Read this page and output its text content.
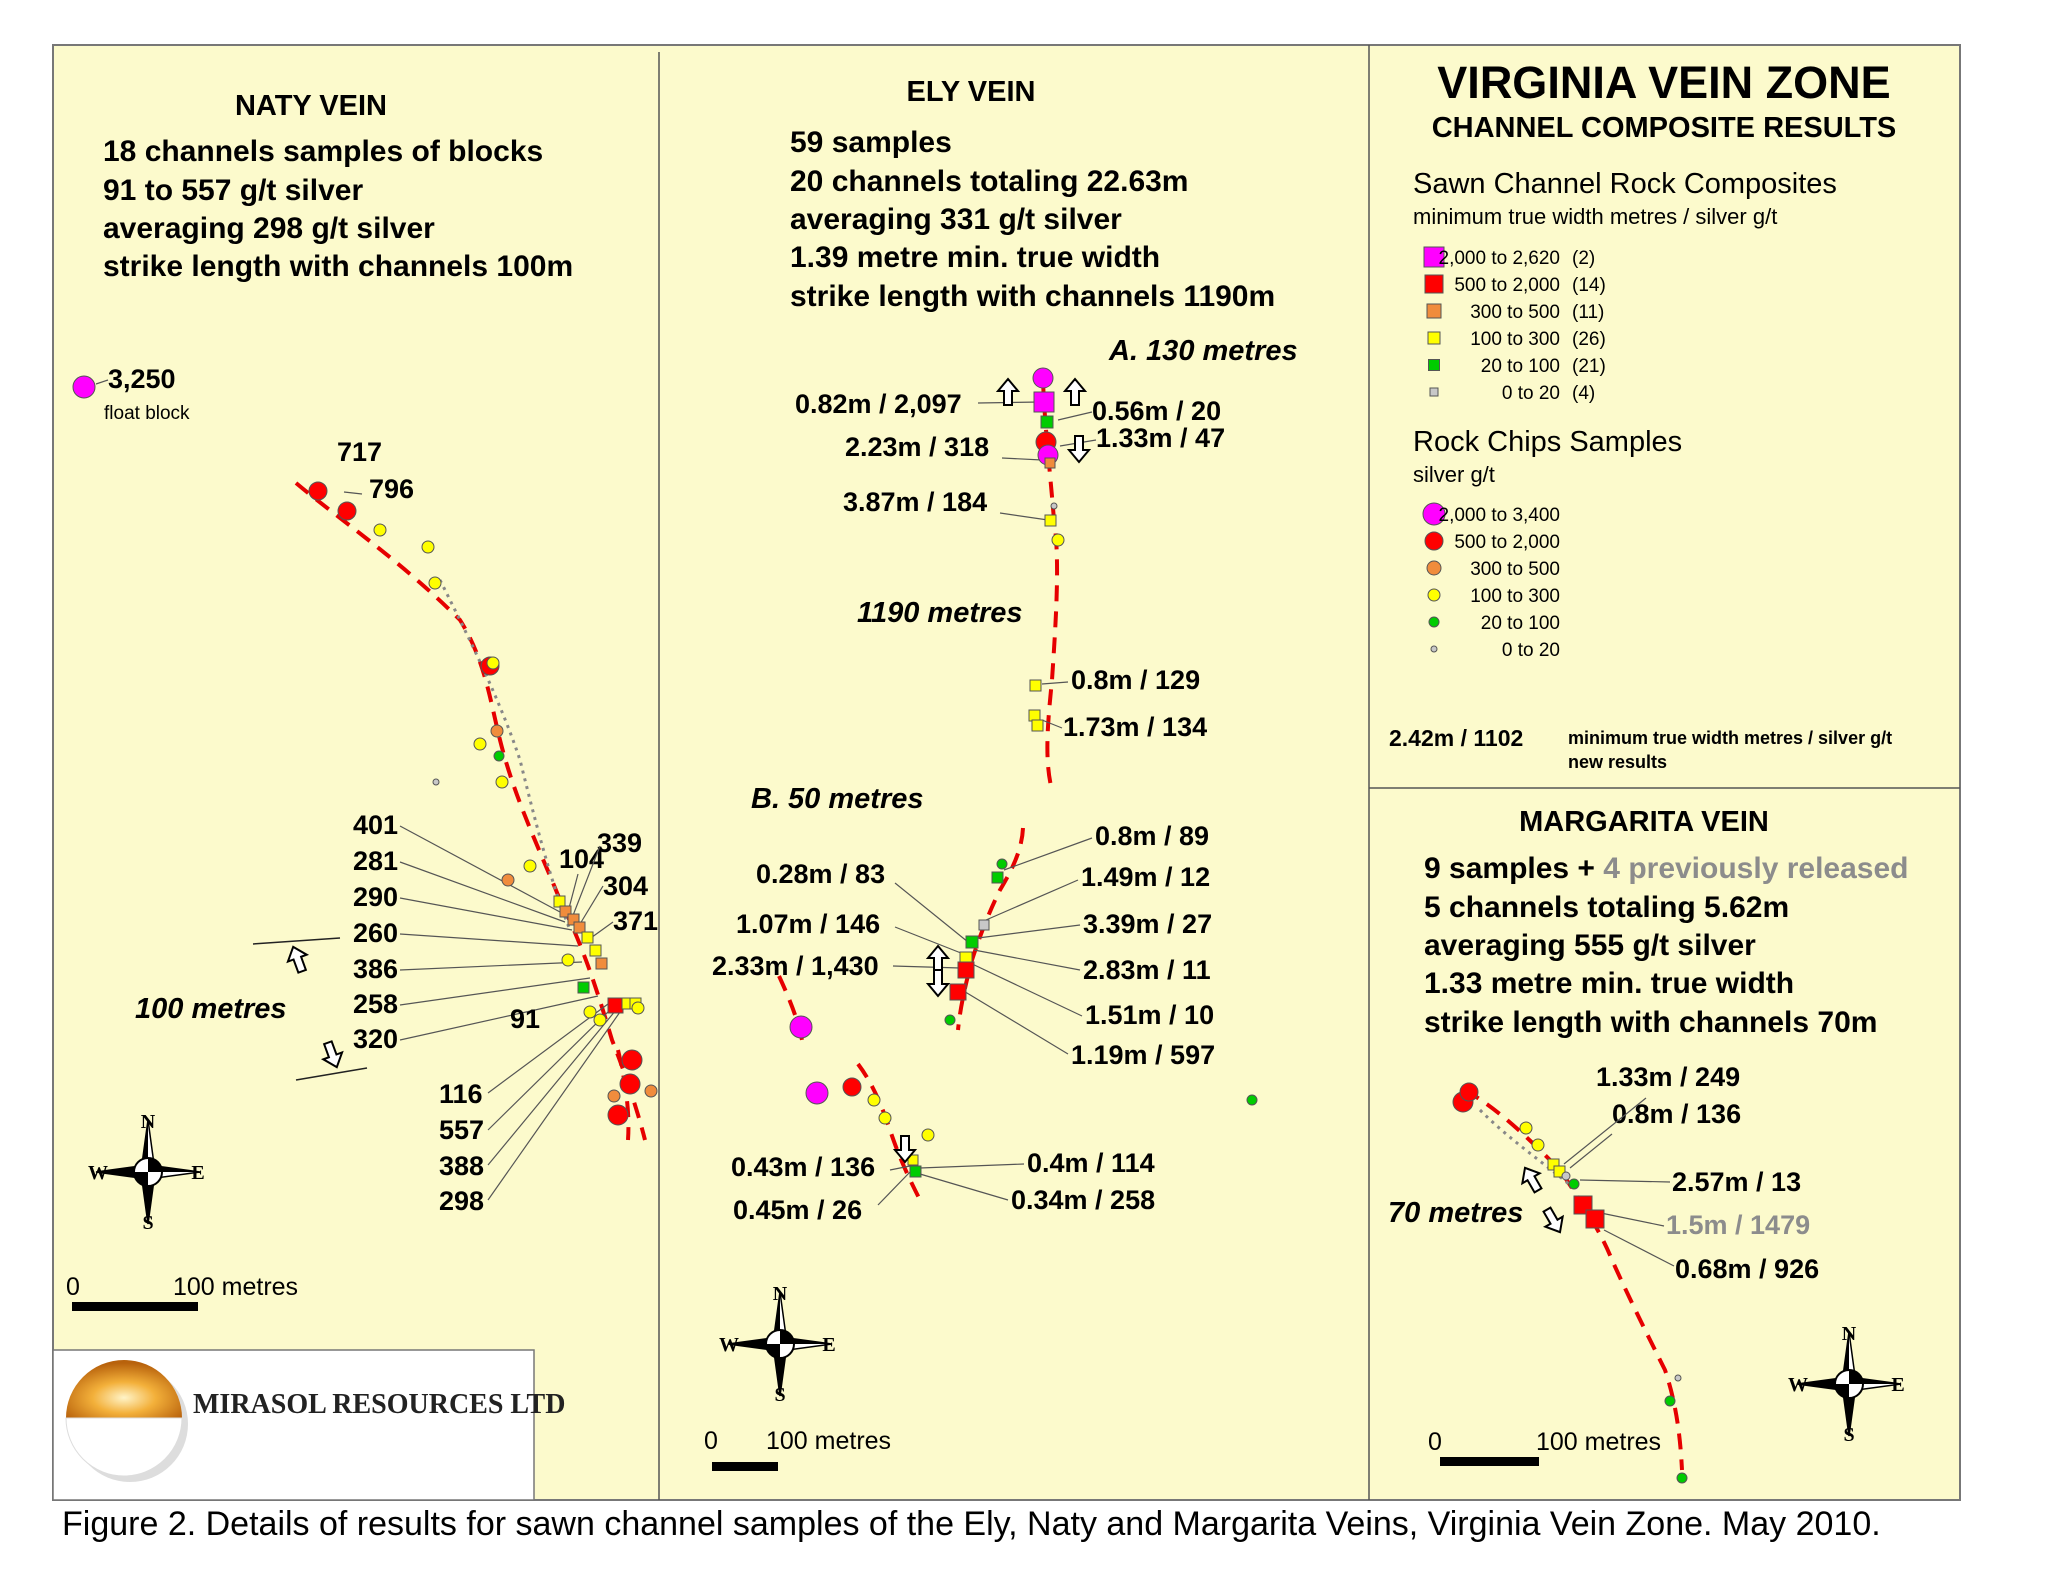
VIRGINIA VEIN ZONE
CHANNEL COMPOSITE RESULTS
Sawn Channel Rock Composites
minimum true width metres / silver g/t
2,000 to 2,620 (2)
500 to 2,000 (14)
300 to 500 (11)
100 to 300 (26)
20 to 100 (21)
0 to 20 (4)
Rock Chips Samples
silver g/t
2,000 to 3,400
500 to 2,000
300 to 500
100 to 300
20 to 100
0 to 20
2.42m / 1102 minimum true width metres / silver g/t
new results
NATY VEIN
18 channels samples of blocks
91 to 557 g/t silver
averaging 298 g/t silver
strike length with channels 100m
3,250
float block
717
796
401
281
290
260
386
258
320
339
104
304
371
91
116
557
388
298
100 metres
N
S
E
W
0	100 metres
MIRASOL RESOURCES LTD
ELY VEIN
59 samples
20 channels totaling 22.63m
averaging 331 g/t silver
1.39 metre min. true width
strike length with channels 1190m
A. 130 metres
0.82m / 2,097
2.23m / 318
3.87m / 184
0.56m / 20
1.33m / 47
1190 metres
0.8m / 129
1.73m / 134
B. 50 metres
0.28m / 83
1.07m / 146
2.33m / 1,430
0.8m / 89
1.49m / 12
3.39m / 27
2.83m / 11
1.51m / 10
1.19m / 597
0.43m / 136
0.45m / 26
0.4m / 114
0.34m / 258
N
S
E
W
0 100 metres
MARGARITA VEIN
9 samples + 4 previously released
5 channels totaling 5.62m
averaging 555 g/t silver
1.33 metre min. true width
strike length with channels 70m
1.33m / 249
0.8m / 136
2.57m / 13
1.5m / 1479
0.68m / 926
70 metres
N
S
E
W
0	100 metres
Figure 2. Details of results for sawn channel samples of the Ely, Naty and Margarita Veins, Virginia Vein Zone. May 2010.
